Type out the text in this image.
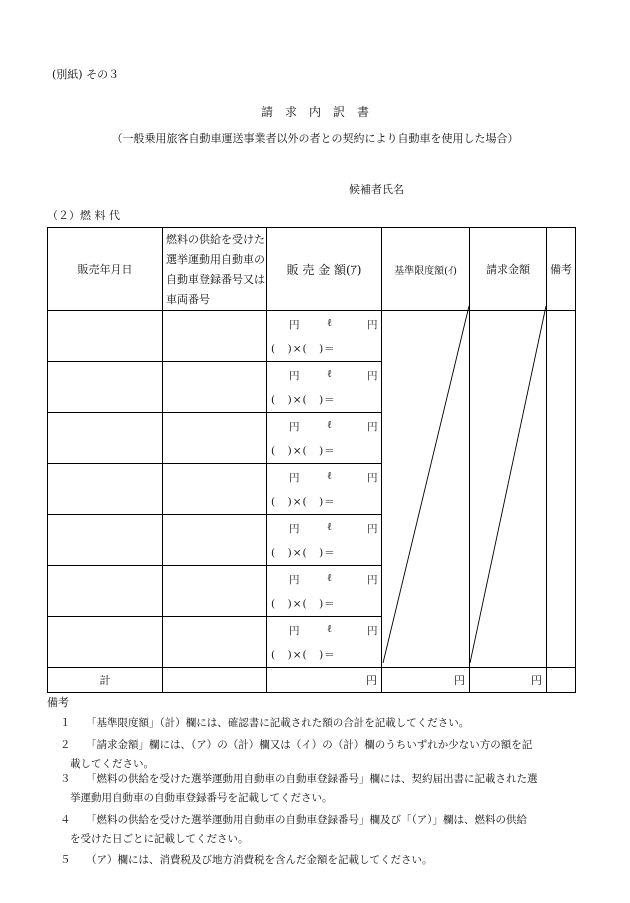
(別紙) その３
請　求　内　訳　書
（一般乗用旅客自動車運送事業者以外の者との契約により自動車を使用した場合）
候補者氏名
（２）燃 料 代
販売年月日	燃料の供給を受けた
選挙運動用自動車の
自動車登録番号又は
車両番号	販 売 金 額(ｱ)	基準限度額(ｲ)	請求金額	備考

		円 ℓ 円
(　)×(　)＝			

		円 ℓ 円
(　)×(　)＝			

		円 ℓ 円
(　)×(　)＝			

		円 ℓ 円
(　)×(　)＝			

		円 ℓ 円
(　)×(　)＝			

		円 ℓ 円
(　)×(　)＝			

		円 ℓ 円
(　)×(　)＝			

計		円	円	円	
備考
１ 「基準限度額」（計）欄には、確認書に記載された額の合計を記載してください。
２ 「請求金額」欄には、（ア）の（計）欄又は（イ）の（計）欄のうちいずれか少ない方の額を記
載してください。
３ 「燃料の供給を受けた選挙運動用自動車の自動車登録番号」欄には、契約届出書に記載された選
挙運動用自動車の自動車登録番号を記載してください。
４ 「燃料の供給を受けた選挙運動用自動車の自動車登録番号」欄及び「（ア）」欄は、燃料の供給
を受けた日ごとに記載してください。
５ （ア）欄には、消費税及び地方消費税を含んだ金額を記載してください。
